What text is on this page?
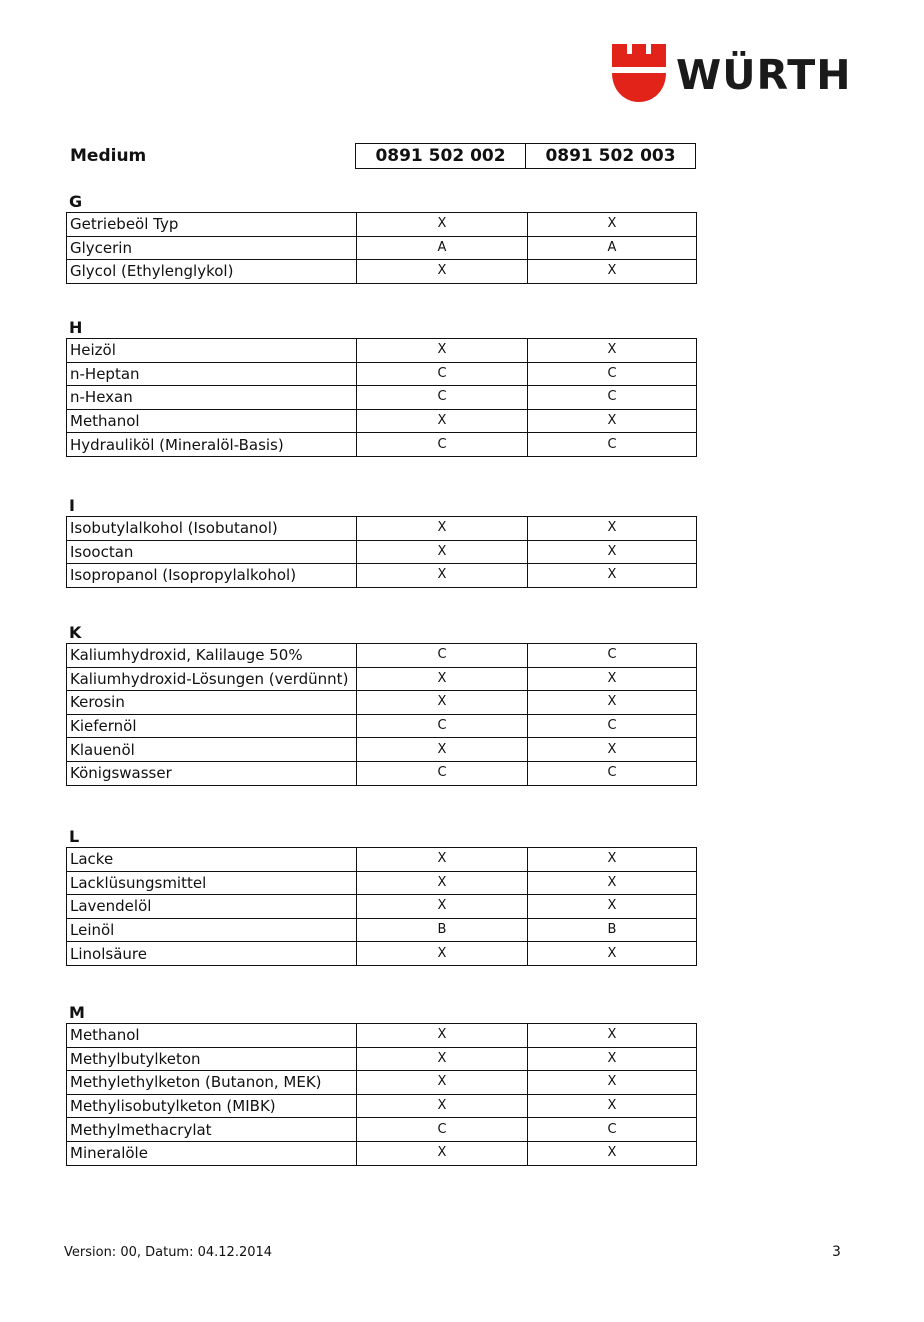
WÜRTH
Medium	0891 502 002	0891 502 003
G
Getriebeöl Typ	X	X
Glycerin	A	A
Glycol (Ethylenglykol)	X	X
H
Heizöl	X	X
n-Heptan	C	C
n-Hexan	C	C
Methanol	X	X
Hydrauliköl (Mineralöl-Basis)	C	C
I
Isobutylalkohol (Isobutanol)	X	X
Isooctan	X	X
Isopropanol (Isopropylalkohol)	X	X
K
Kaliumhydroxid, Kalilauge 50%	C	C
Kaliumhydroxid-Lösungen (verdünnt)	X	X
Kerosin	X	X
Kiefernöl	C	C
Klauenöl	X	X
Königswasser	C	C
L
Lacke	X	X
Lacklüsungsmittel	X	X
Lavendelöl	X	X
Leinöl	B	B
Linolsäure	X	X
M
Methanol	X	X
Methylbutylketon	X	X
Methylethylketon (Butanon, MEK)	X	X
Methylisobutylketon (MIBK)	X	X
Methylmethacrylat	C	C
Mineralöle	X	X
Version: 00, Datum: 04.12.2014	3
